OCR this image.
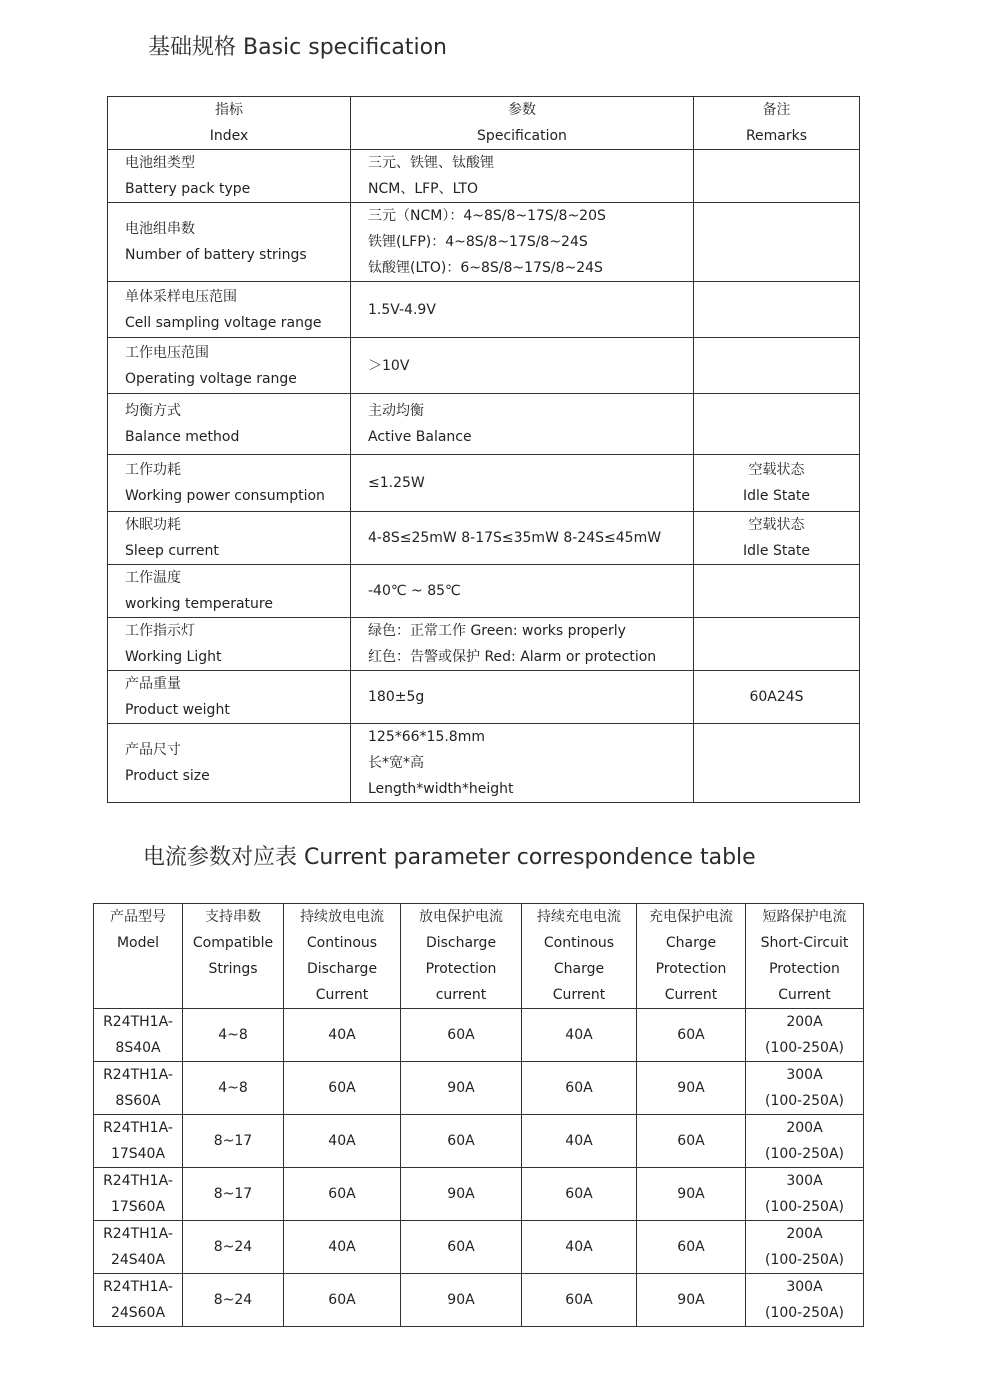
基础规格 Basic specification
指标
Index	参数
Specification	备注
Remarks

电池组类型
Battery pack type	三元、铁锂、钛酸锂
NCM、LFP、LTO	

电池组串数
Number of battery strings	三元（NCM）：4~8S/8~17S/8~20S
铁锂(LFP)：4~8S/8~17S/8~24S
钛酸锂(LTO)：6~8S/8~17S/8~24S	

单体采样电压范围
Cell sampling voltage range	1.5V-4.9V	

工作电压范围
Operating voltage range	＞10V	

均衡方式
Balance method	主动均衡
Active Balance	

工作功耗
Working power consumption	≤1.25W	空载状态
Idle State

休眠功耗
Sleep current	4-8S≤25mW 8-17S≤35mW 8-24S≤45mW	空载状态
Idle State

工作温度
working temperature	-40℃ ~ 85℃	

工作指示灯
Working Light	绿色：正常工作 Green: works properly
红色：告警或保护 Red: Alarm or protection	

产品重量
Product weight	180±5g	60A24S

产品尺寸
Product size	125*66*15.8mm
长*宽*高
Length*width*height	

电流参数对应表 Current parameter correspondence table
产品型号
Model	支持串数
Compatible
Strings	持续放电电流
Continous
Discharge
Current	放电保护电流
Discharge
Protection
current	持续充电电流
Continous
Charge
Current	充电保护电流
Charge
Protection
Current	短路保护电流
Short-Circuit
Protection
Current

R24TH1A-
8S40A	4~8	40A	60A	40A	60A	200A
(100-250A)

R24TH1A-
8S60A	4~8	60A	90A	60A	90A	300A
(100-250A)

R24TH1A-
17S40A	8~17	40A	60A	40A	60A	200A
(100-250A)

R24TH1A-
17S60A	8~17	60A	90A	60A	90A	300A
(100-250A)

R24TH1A-
24S40A	8~24	40A	60A	40A	60A	200A
(100-250A)

R24TH1A-
24S60A	8~24	60A	90A	60A	90A	300A
(100-250A)
